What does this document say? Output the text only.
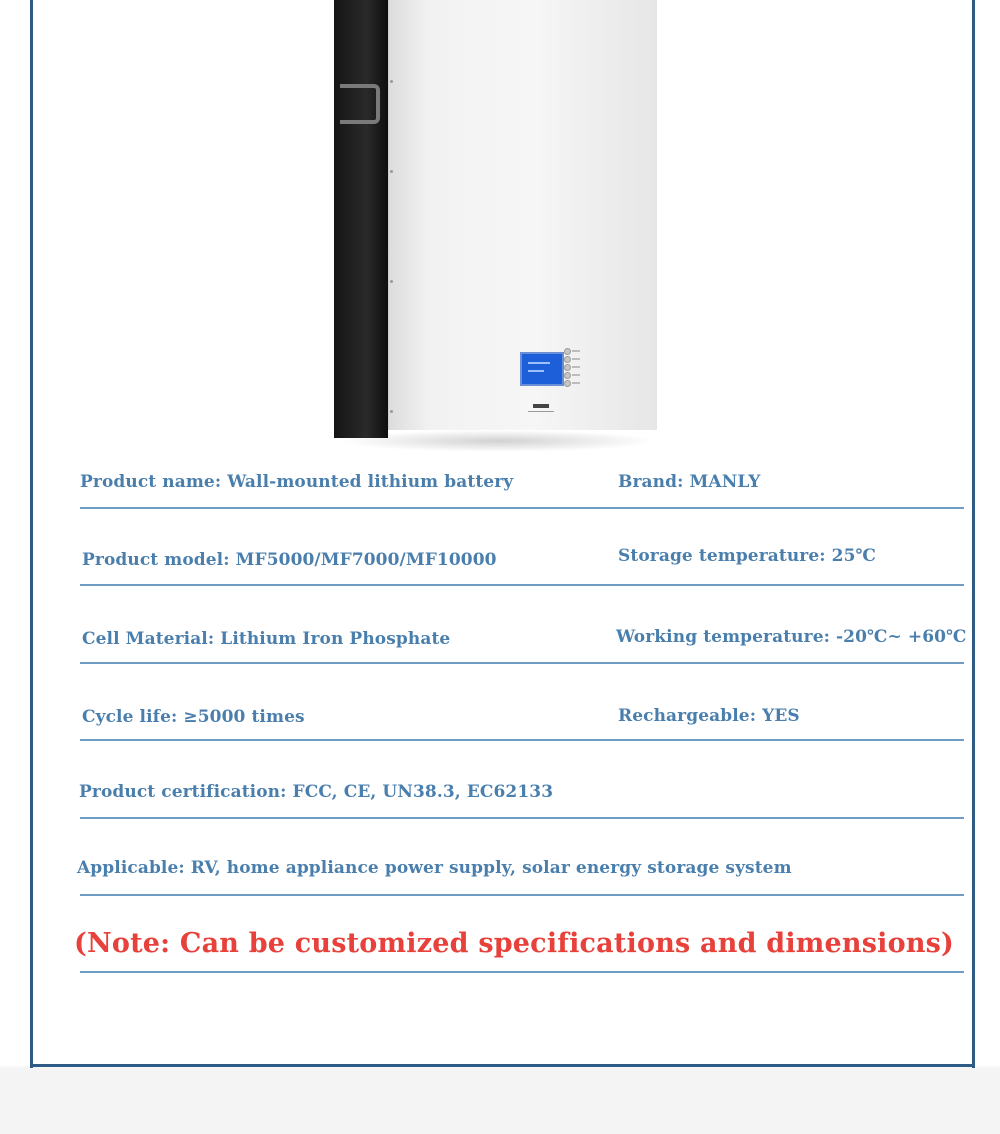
Product name: Wall-mounted lithium battery	Brand: MANLY

Product model: MF5000/MF7000/MF10000	Storage temperature: 25℃

Cell Material: Lithium Iron Phosphate	Working temperature: -20℃~ +60℃

Cycle life: ≥5000 times	Rechargeable: YES

Product certification: FCC, CE, UN38.3, EC62133

Applicable: RV, home appliance power supply, solar energy storage system

(Note: Can be customized specifications and dimensions)
